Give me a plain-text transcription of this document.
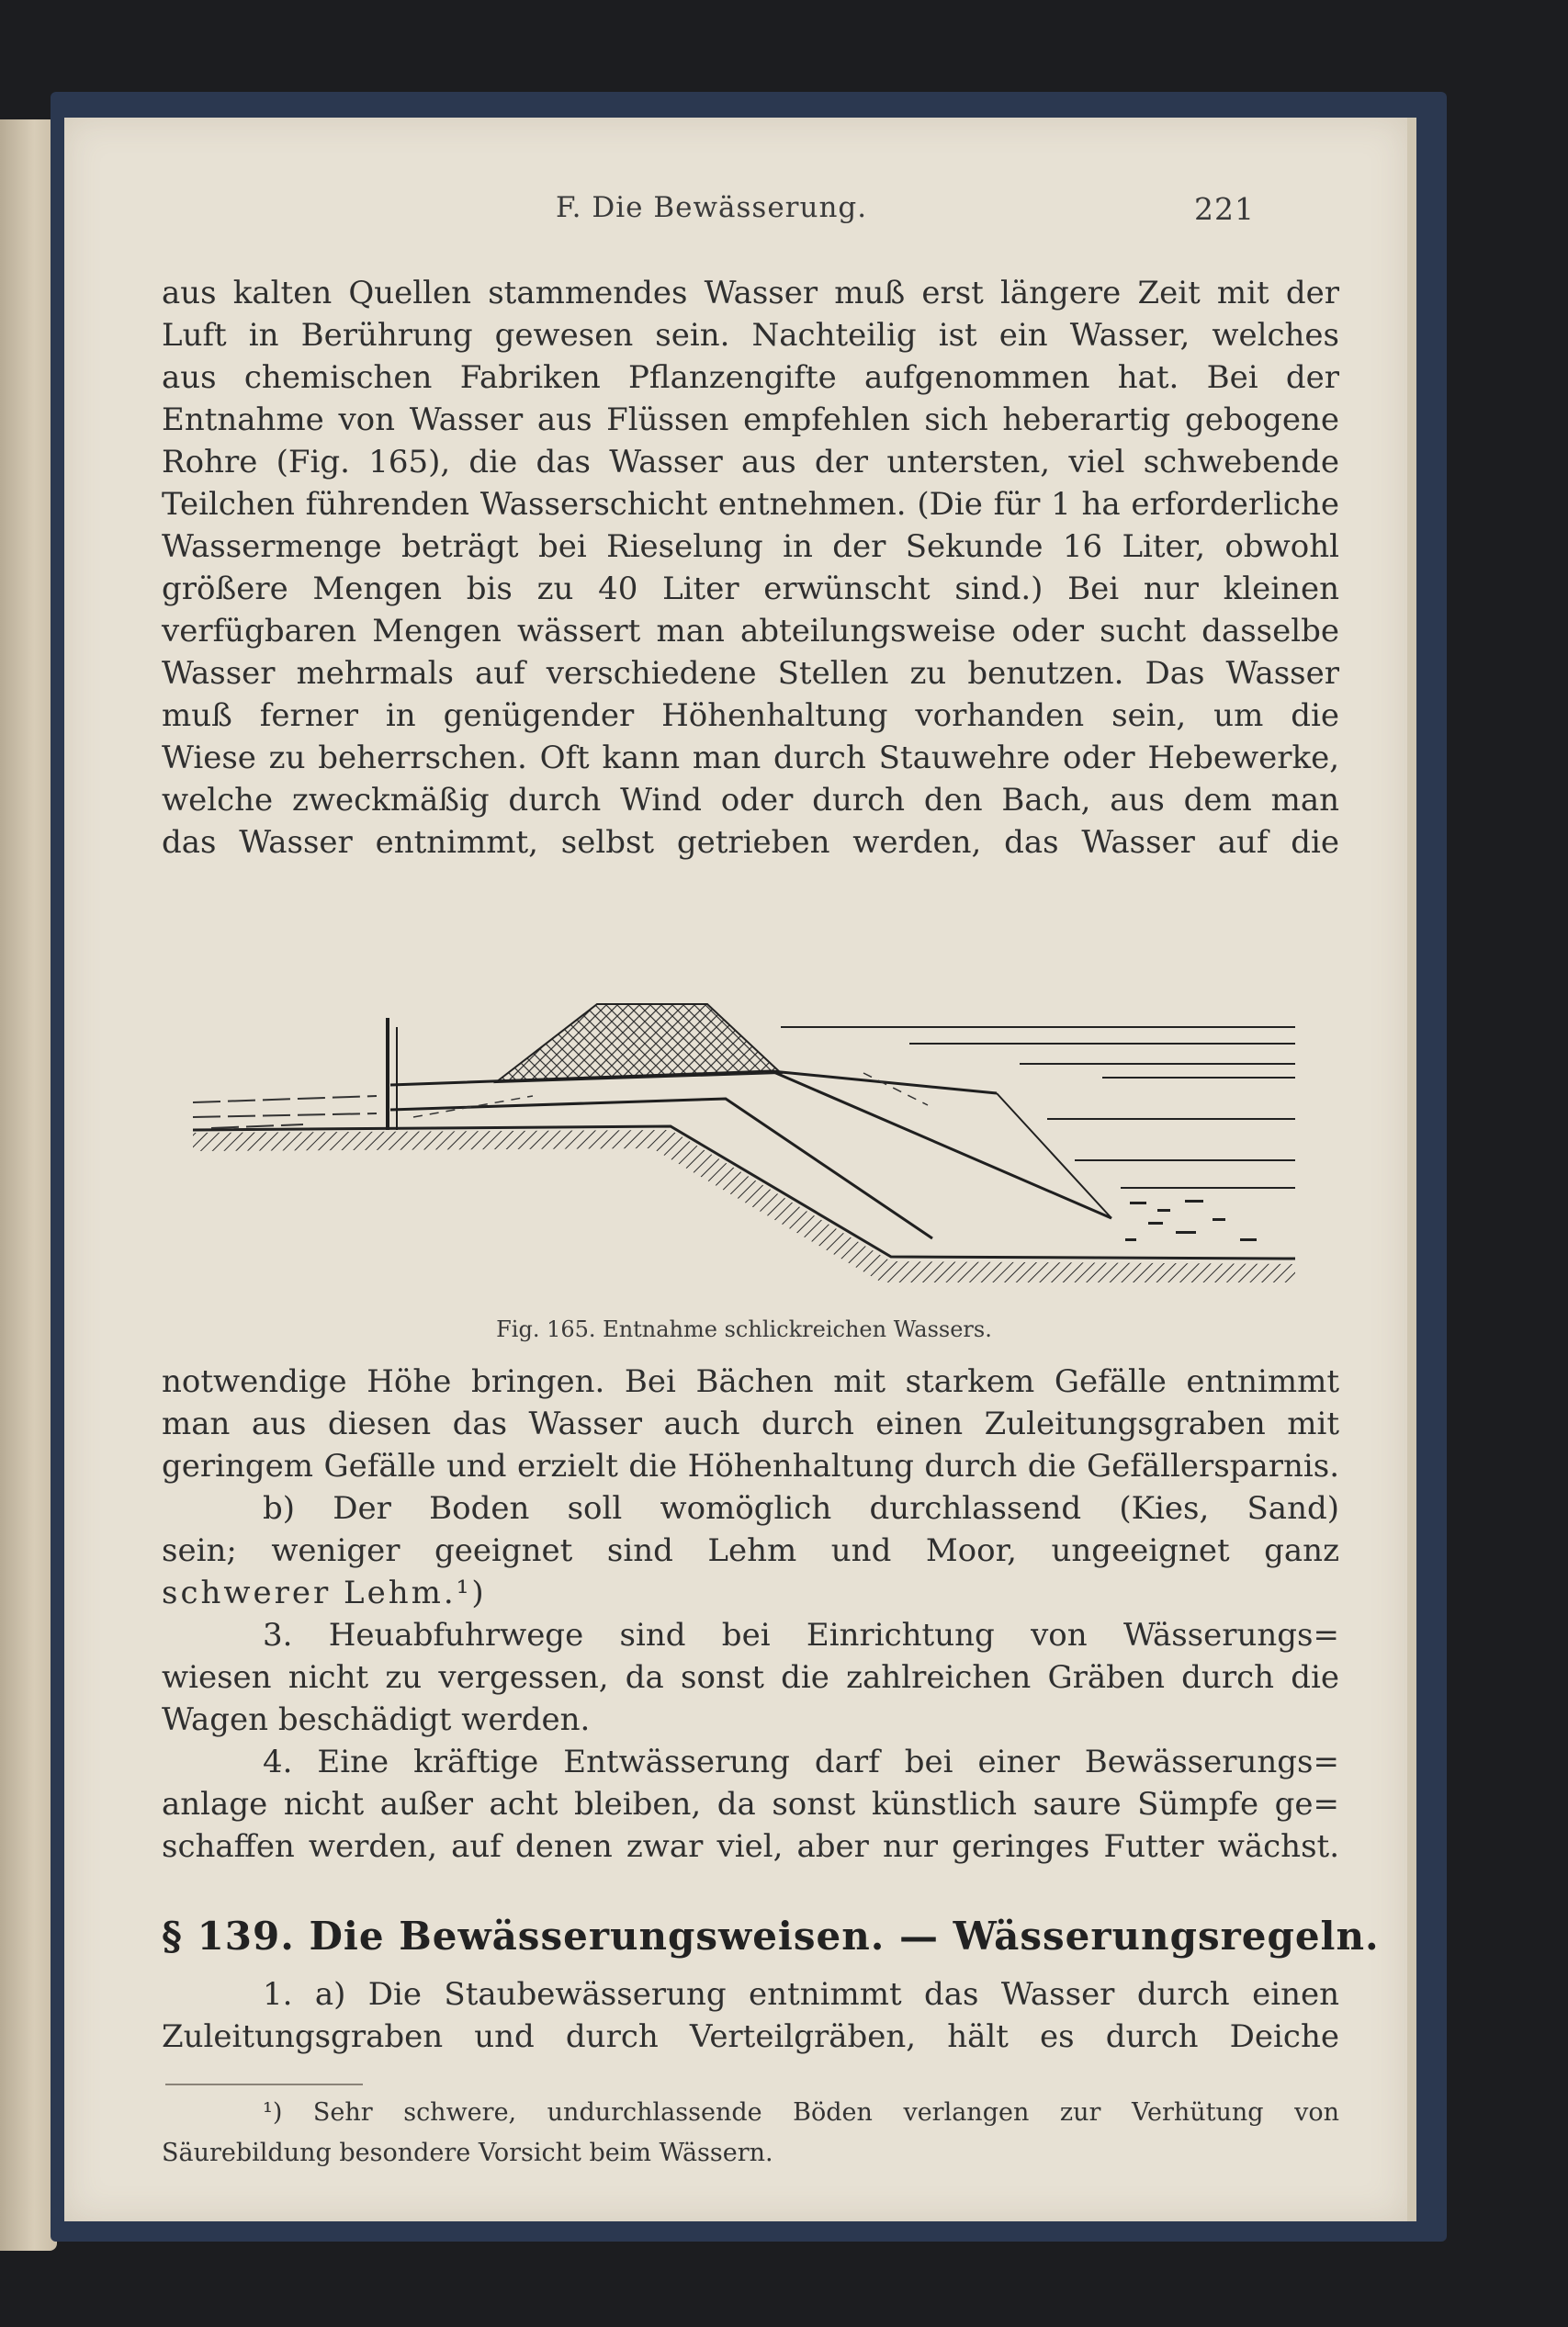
F. Die Bewässerung.	221
aus kalten Quellen stammendes Wasser muß erst längere Zeit mit der
Luft in Berührung gewesen sein. Nachteilig ist ein Wasser, welches
aus chemischen Fabriken Pflanzengifte aufgenommen hat. Bei der
Entnahme von Wasser aus Flüssen empfehlen sich heberartig gebogene
Rohre (Fig. 165), die das Wasser aus der untersten, viel schwebende
Teilchen führenden Wasserschicht entnehmen. (Die für 1 ha erforderliche
Wassermenge beträgt bei Rieselung in der Sekunde 16 Liter, obwohl
größere Mengen bis zu 40 Liter erwünscht sind.) Bei nur kleinen
verfügbaren Mengen wässert man abteilungsweise oder sucht dasselbe
Wasser mehrmals auf verschiedene Stellen zu benutzen. Das Wasser
muß ferner in genügender Höhenhaltung vorhanden sein, um die
Wiese zu beherrschen. Oft kann man durch Stauwehre oder Hebewerke,
welche zweckmäßig durch Wind oder durch den Bach, aus dem man
das Wasser entnimmt, selbst getrieben werden, das Wasser auf die
Fig. 165. Entnahme schlickreichen Wassers.
notwendige Höhe bringen. Bei Bächen mit starkem Gefälle entnimmt
man aus diesen das Wasser auch durch einen Zuleitungsgraben mit
geringem Gefälle und erzielt die Höhenhaltung durch die Gefällersparnis.
b) Der Boden soll womöglich durchlassend (Kies, Sand)
sein; weniger geeignet sind Lehm und Moor, ungeeignet ganz
schwerer Lehm.¹)
3. Heuabfuhrwege sind bei Einrichtung von Wässerungs=
wiesen nicht zu vergessen, da sonst die zahlreichen Gräben durch die
Wagen beschädigt werden.
4. Eine kräftige Entwässerung darf bei einer Bewässerungs=
anlage nicht außer acht bleiben, da sonst künstlich saure Sümpfe ge=
schaffen werden, auf denen zwar viel, aber nur geringes Futter wächst.
§ 139. Die Bewässerungsweisen. — Wässerungsregeln.
1. a) Die Staubewässerung entnimmt das Wasser durch einen
Zuleitungsgraben und durch Verteilgräben, hält es durch Deiche
¹) Sehr schwere, undurchlassende Böden verlangen zur Verhütung von
Säurebildung besondere Vorsicht beim Wässern.
